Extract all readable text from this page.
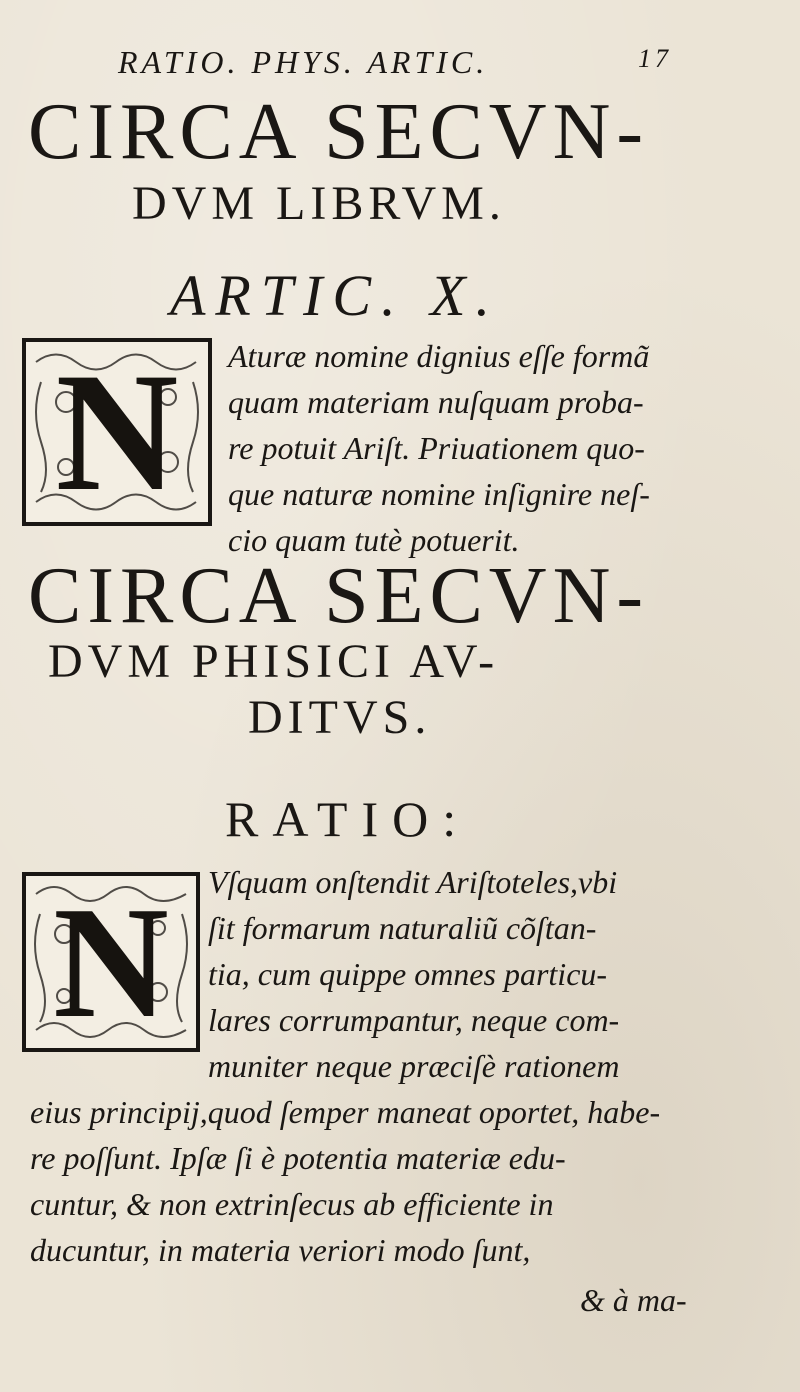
RATIO. PHYS. ARTIC.	17
CIRCA SECVN-
DVM LIBRVM.
ARTIC. X.
N	Aturæ nomine dignius eſſe formã
quam materiam nuſquam proba-
re potuit Ariſt. Priuationem quo-
que naturæ nomine inſignire neſ-
cio quam tutè potuerit.
CIRCA SECVN-
DVM PHISICI AV-
DITVS.
RATIO:
N	Vſquam onſtendit Ariſtoteles,vbi
ſit formarum naturaliũ cõſtan-
tia, cum quippe omnes particu-
lares corrumpantur, neque com-
muniter neque præciſè rationem
eius principij,quod ſemper maneat oportet, habe-
re poſſunt. Ipſæ ſi è potentia materiæ edu-
cuntur, & non extrinſecus ab efficiente in
ducuntur, in materia veriori modo ſunt,
& à ma-
